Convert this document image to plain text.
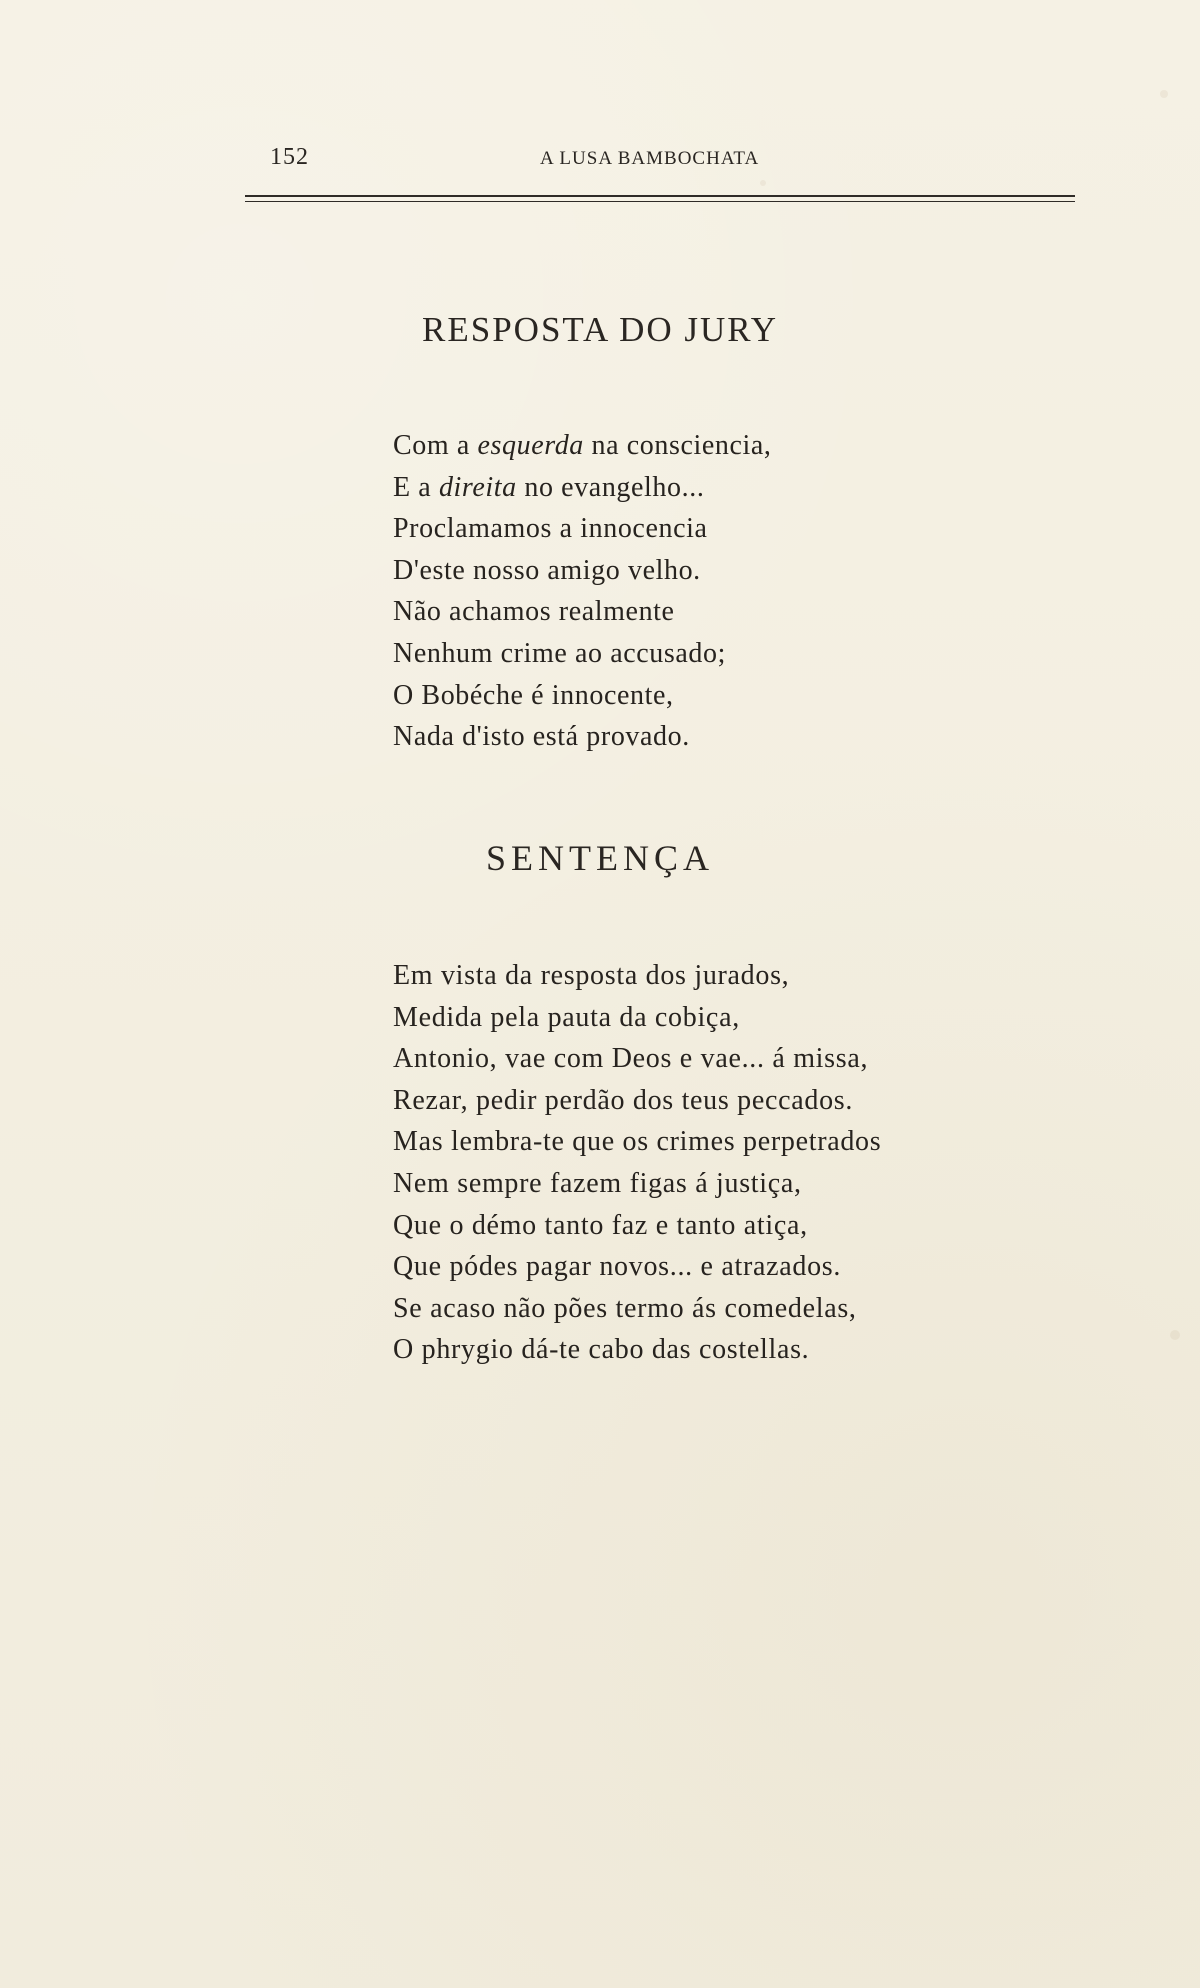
152	A LUSA BAMBOCHATA
RESPOSTA DO JURY
Com a esquerda na consciencia,
E a direita no evangelho...
Proclamamos a innocencia
D'este nosso amigo velho.
Não achamos realmente
Nenhum crime ao accusado;
O Bobéche é innocente,
Nada d'isto está provado.
SENTENÇA
Em vista da resposta dos jurados,
Medida pela pauta da cobiça,
Antonio, vae com Deos e vae... á missa,
Rezar, pedir perdão dos teus peccados.
Mas lembra-te que os crimes perpetrados
Nem sempre fazem figas á justiça,
Que o démo tanto faz e tanto atiça,
Que pódes pagar novos... e atrazados.
Se acaso não pões termo ás comedelas,
O phrygio dá-te cabo das costellas.
